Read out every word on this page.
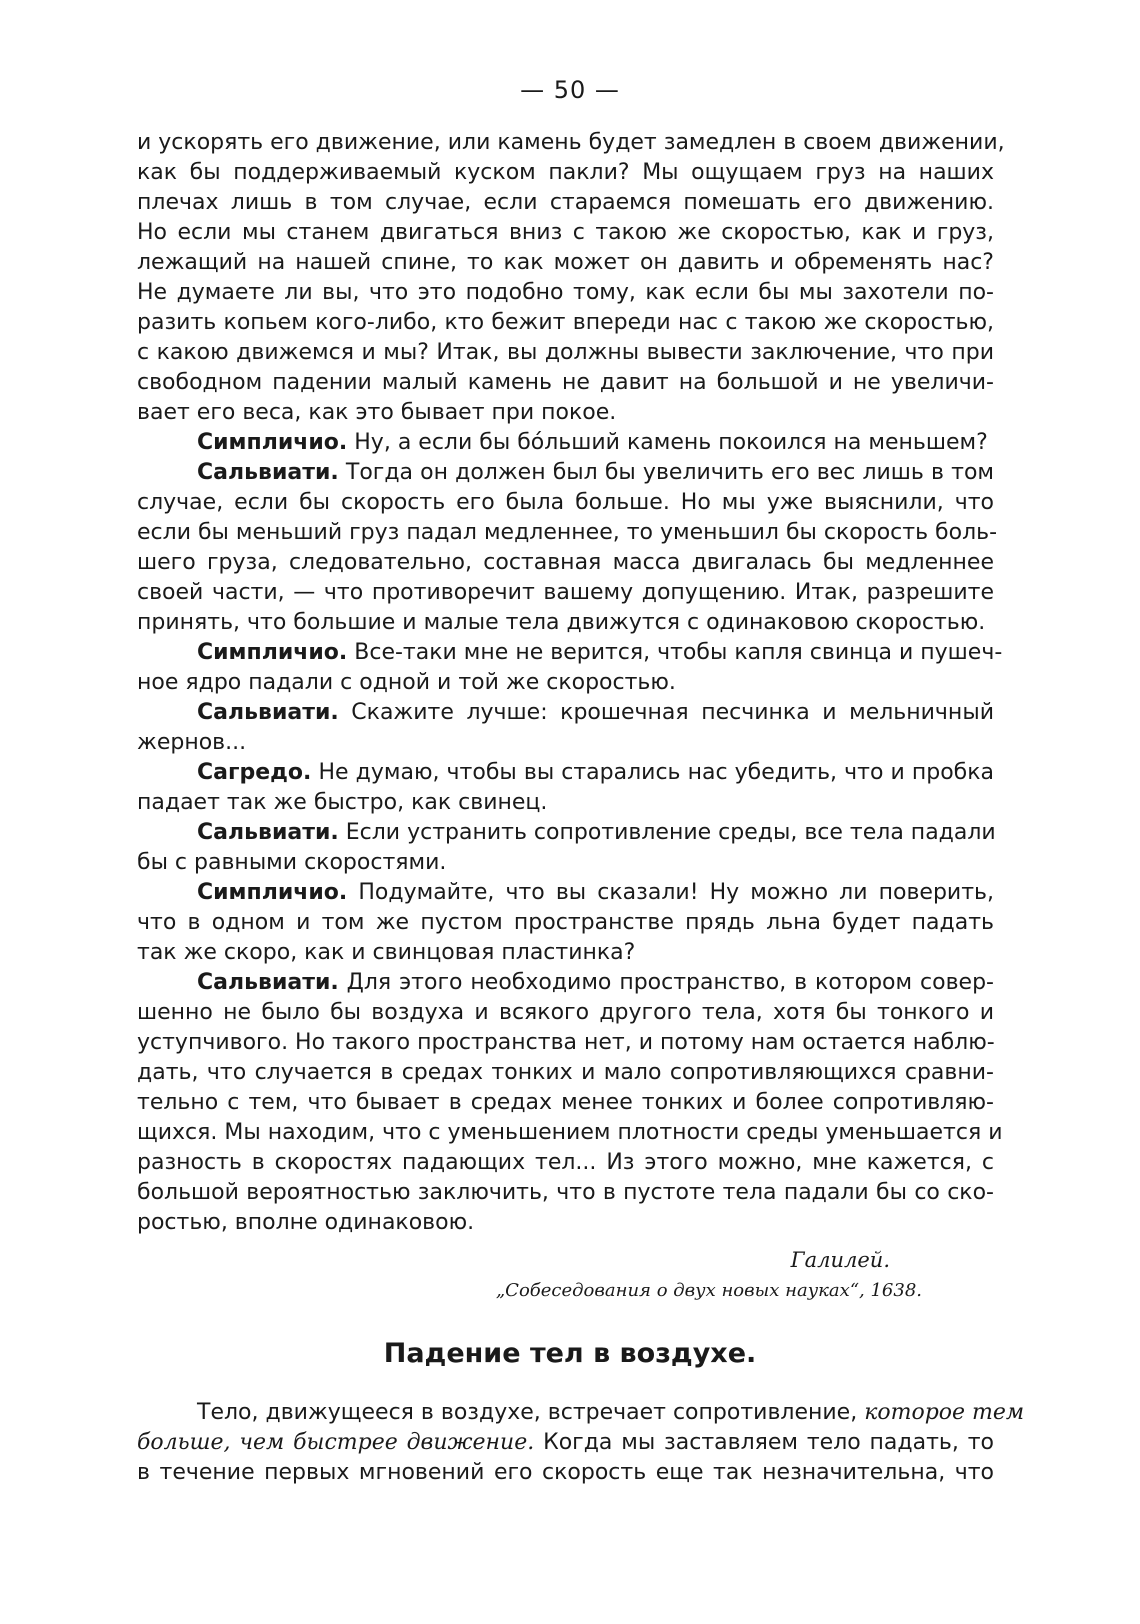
— 50 —
и ускорять его движение, или камень будет замедлен в своем движении,
как бы поддерживаемый куском пакли? Мы ощущаем груз на наших
плечах лишь в том случае, если стараемся помешать его движению.
Но если мы станем двигаться вниз с такою же скоростью, как и груз,
лежащий на нашей спине, то как может он давить и обременять нас?
Не думаете ли вы, что это подобно тому, как если бы мы захотели по-
разить копьем кого-либо, кто бежит впереди нас с такою же скоростью,
с какою движемся и мы? Итак, вы должны вывести заключение, что при
свободном падении малый камень не давит на большой и не увеличи-
вает его веса, как это бывает при покое.
Симпличио. Ну, а если бы бо́льший камень покоился на меньшем?
Сальвиати. Тогда он должен был бы увеличить его вес лишь в том
случае, если бы скорость его была больше. Но мы уже выяснили, что
если бы меньший груз падал медленнее, то уменьшил бы скорость боль-
шего груза, следовательно, составная масса двигалась бы медленнее
своей части, — что противоречит вашему допущению. Итак, разрешите
принять, что большие и малые тела движутся с одинаковою скоростью.
Симпличио. Все-таки мне не верится, чтобы капля свинца и пушеч-
ное ядро падали с одной и той же скоростью.
Сальвиати. Скажите лучше: крошечная песчинка и мельничный
жернов...
Сагредо. Не думаю, чтобы вы старались нас убедить, что и пробка
падает так же быстро, как свинец.
Сальвиати. Если устранить сопротивление среды, все тела падали
бы с равными скоростями.
Симпличио. Подумайте, что вы сказали! Ну можно ли поверить,
что в одном и том же пустом пространстве прядь льна будет падать
так же скоро, как и свинцовая пластинка?
Сальвиати. Для этого необходимо пространство, в котором совер-
шенно не было бы воздуха и всякого другого тела, хотя бы тонкого и
уступчивого. Но такого пространства нет, и потому нам остается наблю-
дать, что случается в средах тонких и мало сопротивляющихся сравни-
тельно с тем, что бывает в средах менее тонких и более сопротивляю-
щихся. Мы находим, что с уменьшением плотности среды уменьшается и
разность в скоростях падающих тел... Из этого можно, мне кажется, с
большой вероятностью заключить, что в пустоте тела падали бы со ско-
ростью, вполне одинаковою.
Галилей.
„Собеседования о двух новых науках“, 1638.
Падение тел в воздухе.
Тело, движущееся в воздухе, встречает сопротивление, которое тем
больше, чем быстрее движение. Когда мы заставляем тело падать, то
в течение первых мгновений его скорость еще так незначительна, что
